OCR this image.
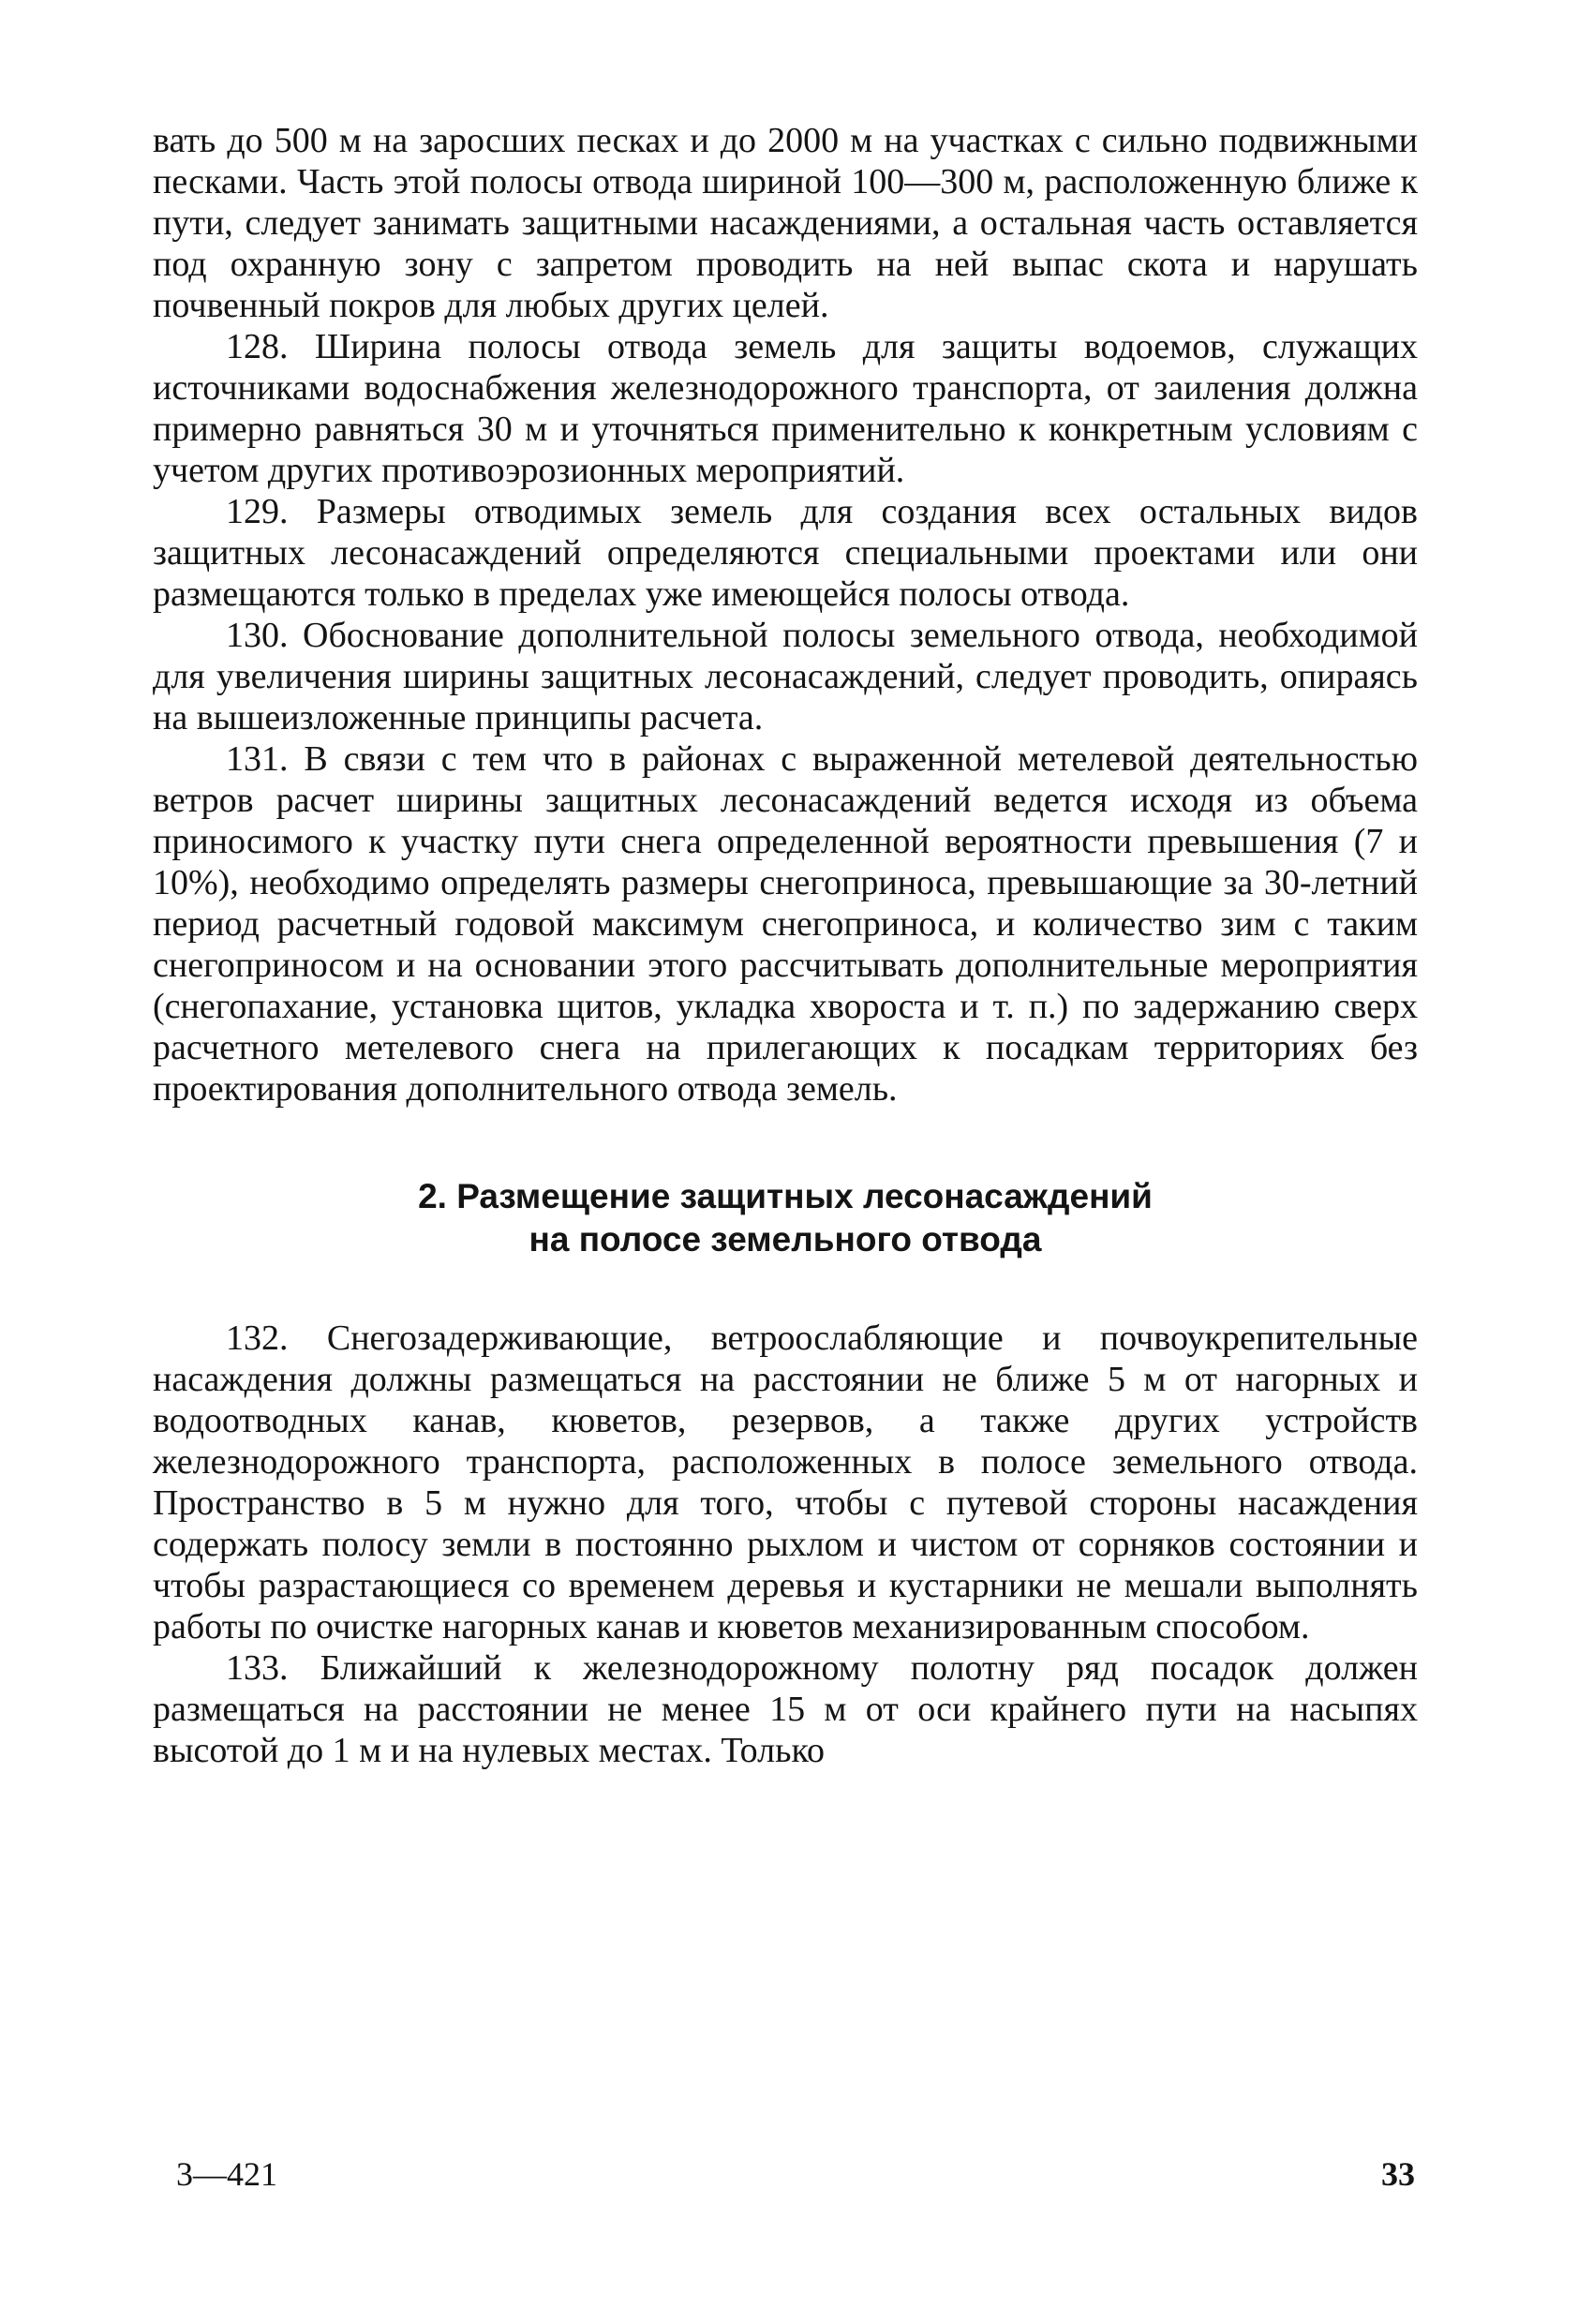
вать до 500 м на заросших песках и до 2000 м на участках с сильно подвижными песками. Часть этой полосы отвода шириной 100—300 м, расположенную ближе к пути, следует занимать защитными насаждениями, а остальная часть оставляется под охранную зону с запретом проводить на ней выпас скота и нарушать почвенный покров для любых других целей.

128. Ширина полосы отвода земель для защиты водоемов, служащих источниками водоснабжения железнодорожного транспорта, от заиления должна примерно равняться 30 м и уточняться применительно к конкретным условиям с учетом других противоэрозионных мероприятий.

129. Размеры отводимых земель для создания всех остальных видов защитных лесонасаждений определяются специальными проектами или они размещаются только в пределах уже имеющейся полосы отвода.

130. Обоснование дополнительной полосы земельного отвода, необходимой для увеличения ширины защитных лесонасаждений, следует проводить, опираясь на вышеизложенные принципы расчета.

131. В связи с тем что в районах с выраженной метелевой деятельностью ветров расчет ширины защитных лесонасаждений ведется исходя из объема приносимого к участку пути снега определенной вероятности превышения (7 и 10%), необходимо определять размеры снегоприноса, превышающие за 30-летний период расчетный годовой максимум снегоприноса, и количество зим с таким снегоприносом и на основании этого рассчитывать дополнительные мероприятия (снегопахание, установка щитов, укладка хвороста и т. п.) по задержанию сверх расчетного метелевого снега на прилегающих к посадкам территориях без проектирования дополнительного отвода земель.

2. Размещение защитных лесонасаждений
на полосе земельного отвода

132. Снегозадерживающие, ветроослабляющие и почвоукрепительные насаждения должны размещаться на расстоянии не ближе 5 м от нагорных и водоотводных канав, кюветов, резервов, а также других устройств железнодорожного транспорта, расположенных в полосе земельного отвода. Пространство в 5 м нужно для того, чтобы с путевой стороны насаждения содержать полосу земли в постоянно рыхлом и чистом от сорняков состоянии и чтобы разрастающиеся со временем деревья и кустарники не мешали выполнять работы по очистке нагорных канав и кюветов механизированным способом.

133. Ближайший к железнодорожному полотну ряд посадок должен размещаться на расстоянии не менее 15 м от оси крайнего пути на насыпях высотой до 1 м и на нулевых местах. Только

3—421	33
